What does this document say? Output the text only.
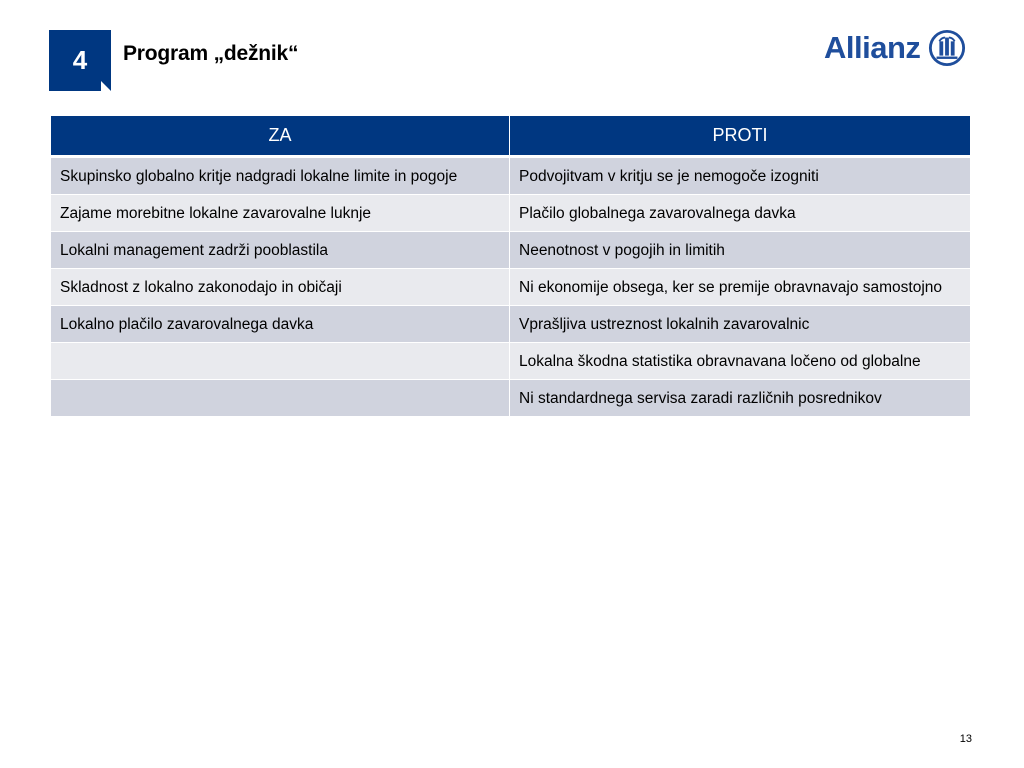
4 Program „dežnik“	Allianz
ZA	PROTI
Skupinsko globalno kritje nadgradi lokalne limite in pogoje	Podvojitvam v kritju se je nemogoče izogniti
Zajame morebitne lokalne zavarovalne luknje	Plačilo globalnega zavarovalnega davka
Lokalni management zadrži pooblastila	Neenotnost v pogojih in limitih
Skladnost z lokalno zakonodajo in običaji	Ni ekonomije obsega, ker se premije obravnavajo samostojno
Lokalno plačilo zavarovalnega davka	Vprašljiva ustreznost lokalnih zavarovalnic
	Lokalna škodna statistika obravnavana ločeno od globalne
	Ni standardnega servisa zaradi različnih posrednikov
13
